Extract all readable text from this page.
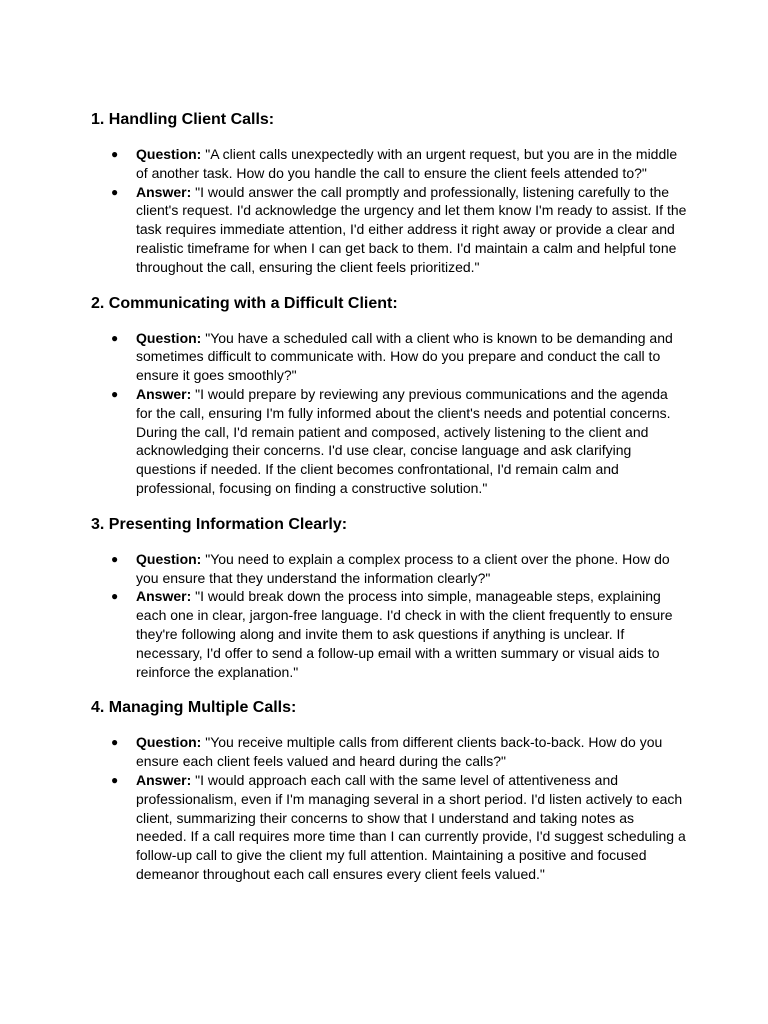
1. Handling Client Calls:
● Question: "A client calls unexpectedly with an urgent request, but you are in the middle of another task. How do you handle the call to ensure the client feels attended to?"
● Answer: "I would answer the call promptly and professionally, listening carefully to the client's request. I'd acknowledge the urgency and let them know I'm ready to assist. If the task requires immediate attention, I'd either address it right away or provide a clear and realistic timeframe for when I can get back to them. I'd maintain a calm and helpful tone throughout the call, ensuring the client feels prioritized."
2. Communicating with a Difficult Client:
● Question: "You have a scheduled call with a client who is known to be demanding and sometimes difficult to communicate with. How do you prepare and conduct the call to ensure it goes smoothly?"
● Answer: "I would prepare by reviewing any previous communications and the agenda for the call, ensuring I'm fully informed about the client's needs and potential concerns. During the call, I'd remain patient and composed, actively listening to the client and acknowledging their concerns. I'd use clear, concise language and ask clarifying questions if needed. If the client becomes confrontational, I'd remain calm and professional, focusing on finding a constructive solution."
3. Presenting Information Clearly:
● Question: "You need to explain a complex process to a client over the phone. How do you ensure that they understand the information clearly?"
● Answer: "I would break down the process into simple, manageable steps, explaining each one in clear, jargon-free language. I'd check in with the client frequently to ensure they're following along and invite them to ask questions if anything is unclear. If necessary, I'd offer to send a follow-up email with a written summary or visual aids to reinforce the explanation."
4. Managing Multiple Calls:
● Question: "You receive multiple calls from different clients back-to-back. How do you ensure each client feels valued and heard during the calls?"
● Answer: "I would approach each call with the same level of attentiveness and professionalism, even if I'm managing several in a short period. I'd listen actively to each client, summarizing their concerns to show that I understand and taking notes as needed. If a call requires more time than I can currently provide, I'd suggest scheduling a follow-up call to give the client my full attention. Maintaining a positive and focused demeanor throughout each call ensures every client feels valued."
